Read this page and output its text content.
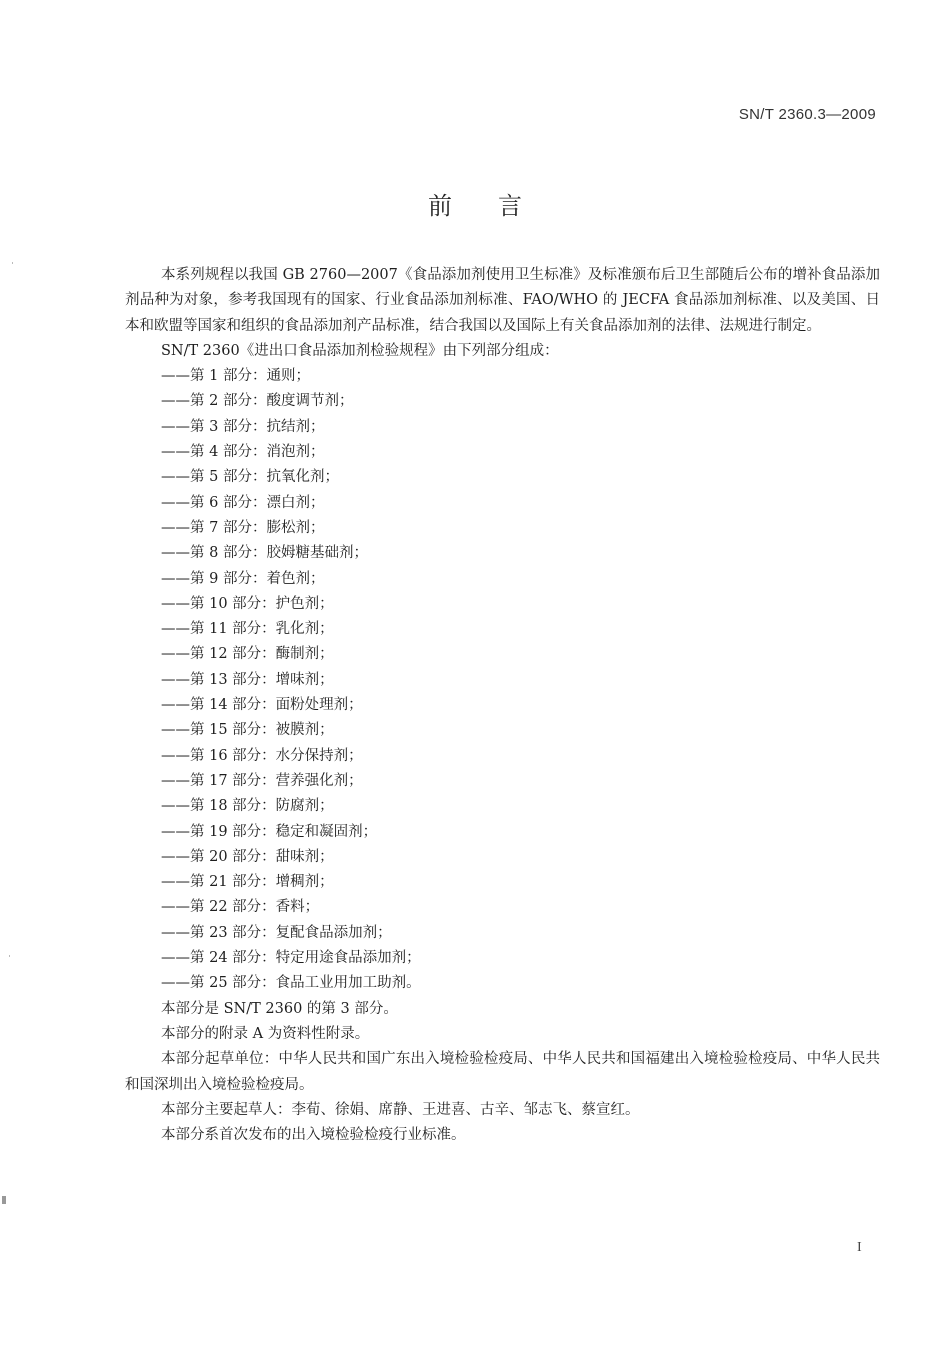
SN/T 2360.3—2009
前言

本系列规程以我国 GB 2760—2007《食品添加剂使用卫生标准》及标准颁布后卫生部随后公布的增补食品添加剂品种为对象，参考我国现有的国家、行业食品添加剂标准、FAO/WHO 的 JECFA 食品添加剂标准、以及美国、日本和欧盟等国家和组织的食品添加剂产品标准，结合我国以及国际上有关食品添加剂的法律、法规进行制定。

SN/T 2360《进出口食品添加剂检验规程》由下列部分组成：

——第 1 部分：通则；

——第 2 部分：酸度调节剂；

——第 3 部分：抗结剂；

——第 4 部分：消泡剂；

——第 5 部分：抗氧化剂；

——第 6 部分：漂白剂；

——第 7 部分：膨松剂；

——第 8 部分：胶姆糖基础剂；

——第 9 部分：着色剂；

——第 10 部分：护色剂；

——第 11 部分：乳化剂；

——第 12 部分：酶制剂；

——第 13 部分：增味剂；

——第 14 部分：面粉处理剂；

——第 15 部分：被膜剂；

——第 16 部分：水分保持剂；

——第 17 部分：营养强化剂；

——第 18 部分：防腐剂；

——第 19 部分：稳定和凝固剂；

——第 20 部分：甜味剂；

——第 21 部分：增稠剂；

——第 22 部分：香料；

——第 23 部分：复配食品添加剂；

——第 24 部分：特定用途食品添加剂；

——第 25 部分：食品工业用加工助剂。

本部分是 SN/T 2360 的第 3 部分。

本部分的附录 A 为资料性附录。

本部分起草单位：中华人民共和国广东出入境检验检疫局、中华人民共和国福建出入境检验检疫局、中华人民共和国深圳出入境检验检疫局。

本部分主要起草人：李荀、徐娟、席静、王进喜、古辛、邹志飞、蔡宣红。

本部分系首次发布的出入境检验检疫行业标准。

I
